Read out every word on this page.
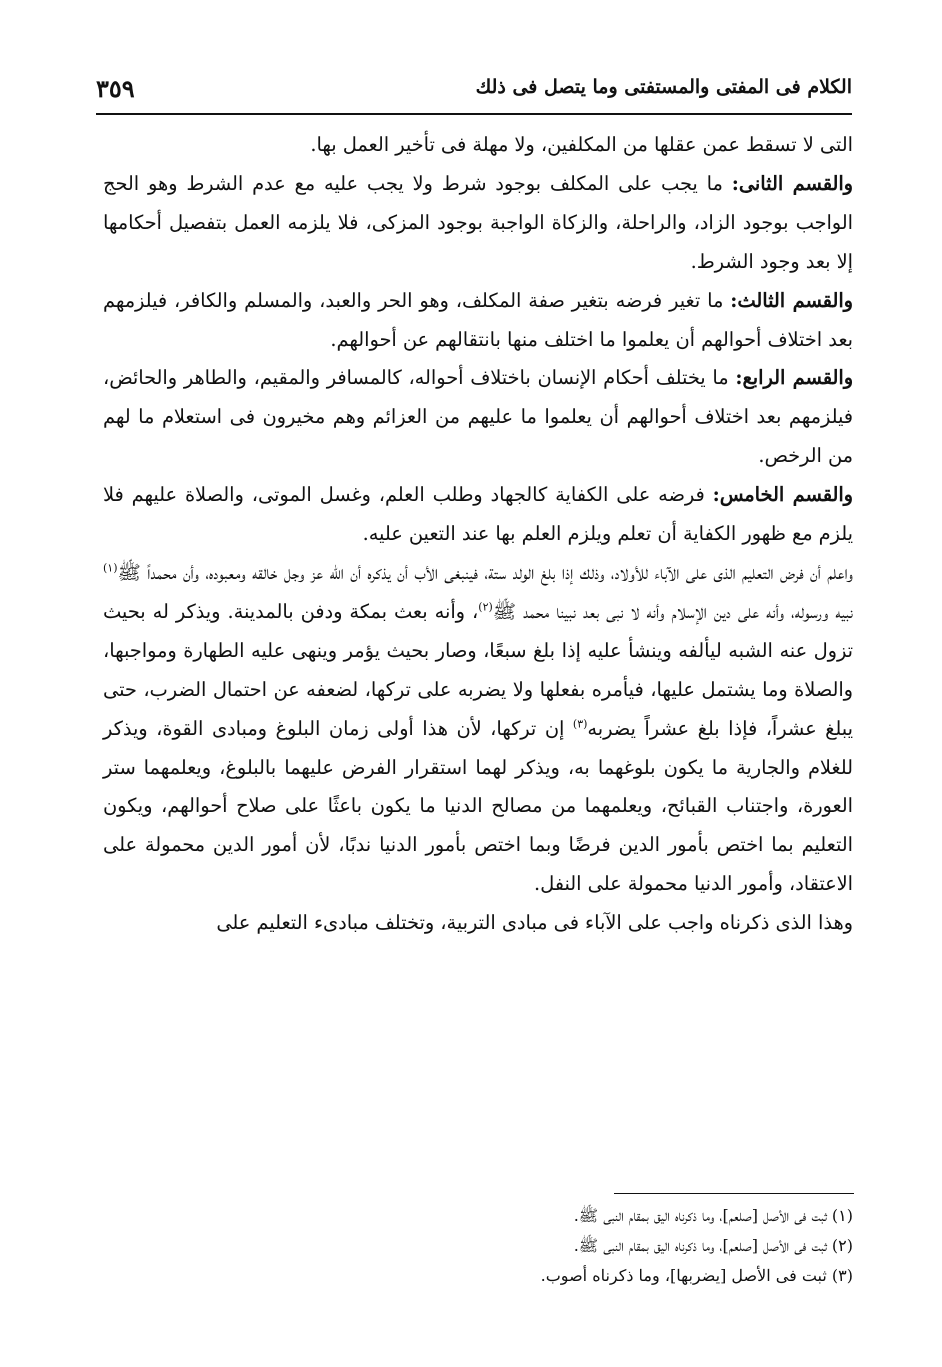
الكلام فى المفتى والمستفتى وما يتصل فى ذلك
٣٥٩

التى لا تسقط عمن عقلها من المكلفين، ولا مهلة فى تأخير العمل بها.

والقسم الثانى: ما يجب على المكلف بوجود شرط ولا يجب عليه مع عدم الشرط وهو الحج الواجب بوجود الزاد، والراحلة، والزكاة الواجبة بوجود المزكى، فلا يلزمه العمل بتفصيل أحكامها إلا بعد وجود الشرط.

والقسم الثالث: ما تغير فرضه بتغير صفة المكلف، وهو الحر والعبد، والمسلم والكافر، فيلزمهم بعد اختلاف أحوالهم أن يعلموا ما اختلف منها بانتقالهم عن أحوالهم.

والقسم الرابع: ما يختلف أحكام الإنسان باختلاف أحواله، كالمسافر والمقيم، والطاهر والحائض، فيلزمهم بعد اختلاف أحوالهم أن يعلموا ما عليهم من العزائم وهم مخيرون فى استعلام ما لهم من الرخص.

والقسم الخامس: فرضه على الكفاية كالجهاد وطلب العلم، وغسل الموتى، والصلاة عليهم فلا يلزم مع ظهور الكفاية أن تعلم ويلزم العلم بها عند التعين عليه.

واعلم أن فرض التعليم الذى على الآباء للأولاد، وذلك إذا بلغ الولد ستة، فينبغى الأب أن يذكره أن الله عز وجل خالقه ومعبوده، وأن محمداً ﷺ$^{(١)}$ نبيه ورسوله، وأنه على دين الإسلام وأنه لا نبى بعد نبينا محمد ﷺ$^{(٢)}$، وأنه بعث بمكة ودفن بالمدينة. ويذكر له بحيث تزول عنه الشبه ليألفه وينشأ عليه إذا بلغ سبعًا، وصار بحيث يؤمر وينهى عليه الطهارة ومواجبها، والصلاة وما يشتمل عليها، فيأمره بفعلها ولا يضربه على تركها، لضعفه عن احتمال الضرب، حتى يبلغ عشراً، فإذا بلغ عشراً يضربه$^{(٣)}$ إن تركها، لأن هذا أولى زمان البلوغ ومبادى القوة، ويذكر للغلام والجارية ما يكون بلوغهما به، ويذكر لهما استقرار الفرض عليهما بالبلوغ، ويعلمهما ستر العورة، واجتناب القبائح، ويعلمهما من مصالح الدنيا ما يكون باعثًا على صلاح أحوالهم، ويكون التعليم بما اختص بأمور الدين فرضًا وبما اختص بأمور الدنيا ندبًا، لأن أمور الدين محمولة على الاعتقاد، وأمور الدنيا محمولة على النفل.

وهذا الذى ذكرناه واجب على الآباء فى مبادى التربية، وتختلف مبادىء التعليم على

(١) ثبت فى الأصل [صلعم]، وما ذكرناه اليق بمقام النبى ﷺ.

(٢) ثبت فى الأصل [صلعم]، وما ذكرناه اليق بمقام النبى ﷺ.

(٣) ثبت فى الأصل [يضربها]، وما ذكرناه أصوب.
